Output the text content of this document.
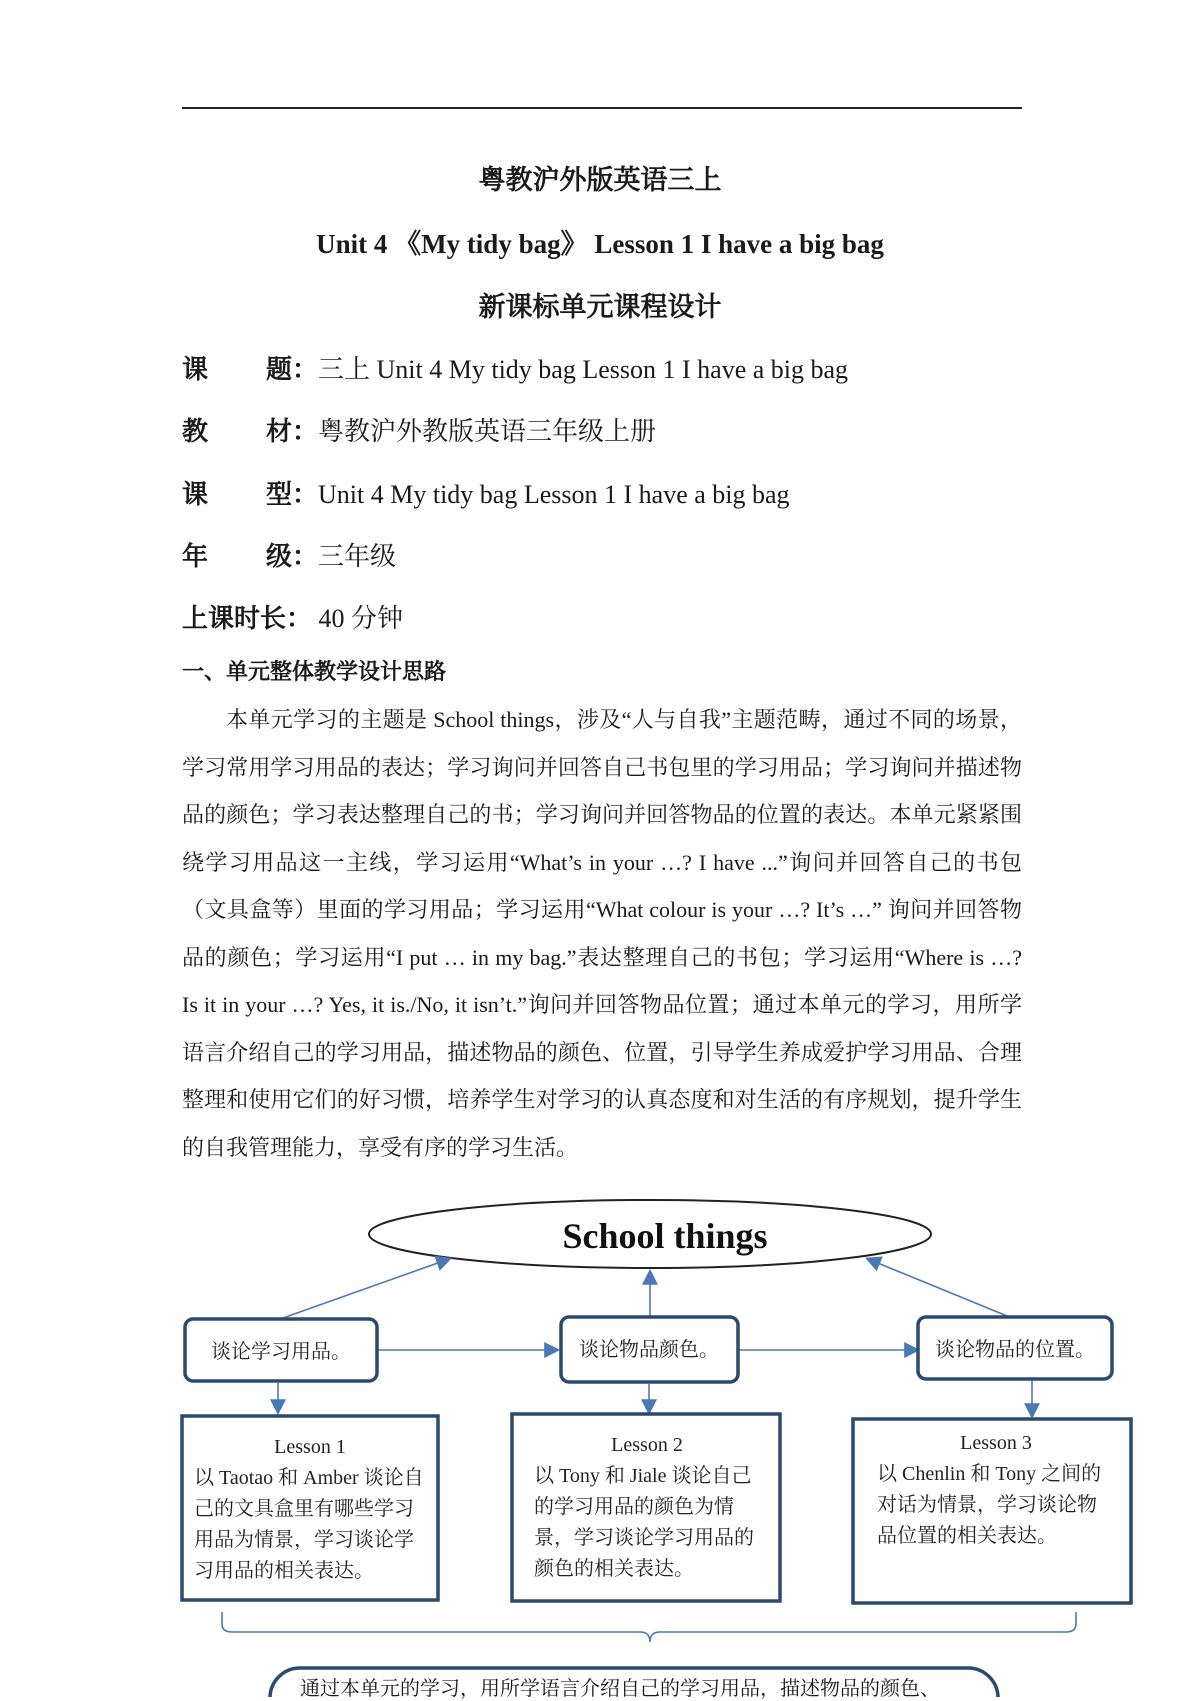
粤教沪外版英语三上
Unit 4 《My tidy bag》 Lesson 1 I have a big bag
新课标单元课程设计
课 题：三上 Unit 4 My tidy bag Lesson 1 I have a big bag
教 材：粤教沪外教版英语三年级上册
课 型：Unit 4 My tidy bag Lesson 1 I have a big bag
年 级：三年级
上课时长： 40 分钟
一、单元整体教学设计思路

本单元学习的主题是 School things，涉及“人与自我”主题范畴，通过不同的场景，学习常用学习用品的表达；学习询问并回答自己书包里的学习用品；学习询问并描述物品的颜色；学习表达整理自己的书；学习询问并回答物品的位置的表达。本单元紧紧围绕学习用品这一主线，学习运用“What’s in your …? I have ...”询问并回答自己的书包（文具盒等）里面的学习用品；学习运用“What colour is your …? It’s …” 询问并回答物品的颜色；学习运用“I put … in my bag.”表达整理自己的书包；学习运用“Where is …? Is it in your …? Yes, it is./No, it isn’t.”询问并回答物品位置；通过本单元的学习，用所学语言介绍自己的学习用品，描述物品的颜色、位置，引导学生养成爱护学习用品、合理整理和使用它们的好习惯，培养学生对学习的认真态度和对生活的有序规划，提升学生的自我管理能力，享受有序的学习生活。

School things
谈论学习用品。	谈论物品颜色。	谈论物品的位置。
Lesson 1
以 Taotao 和 Amber 谈论自己的文具盒里有哪些学习用品为情景，学习谈论学习用品的相关表达。
Lesson 2
以 Tony 和 Jiale 谈论自己的学习用品的颜色为情景，学习谈论学习用品的颜色的相关表达。
Lesson 3
以 Chenlin 和 Tony 之间的对话为情景，学习谈论物品位置的相关表达。
通过本单元的学习，用所学语言介绍自己的学习用品，描述物品的颜色、
